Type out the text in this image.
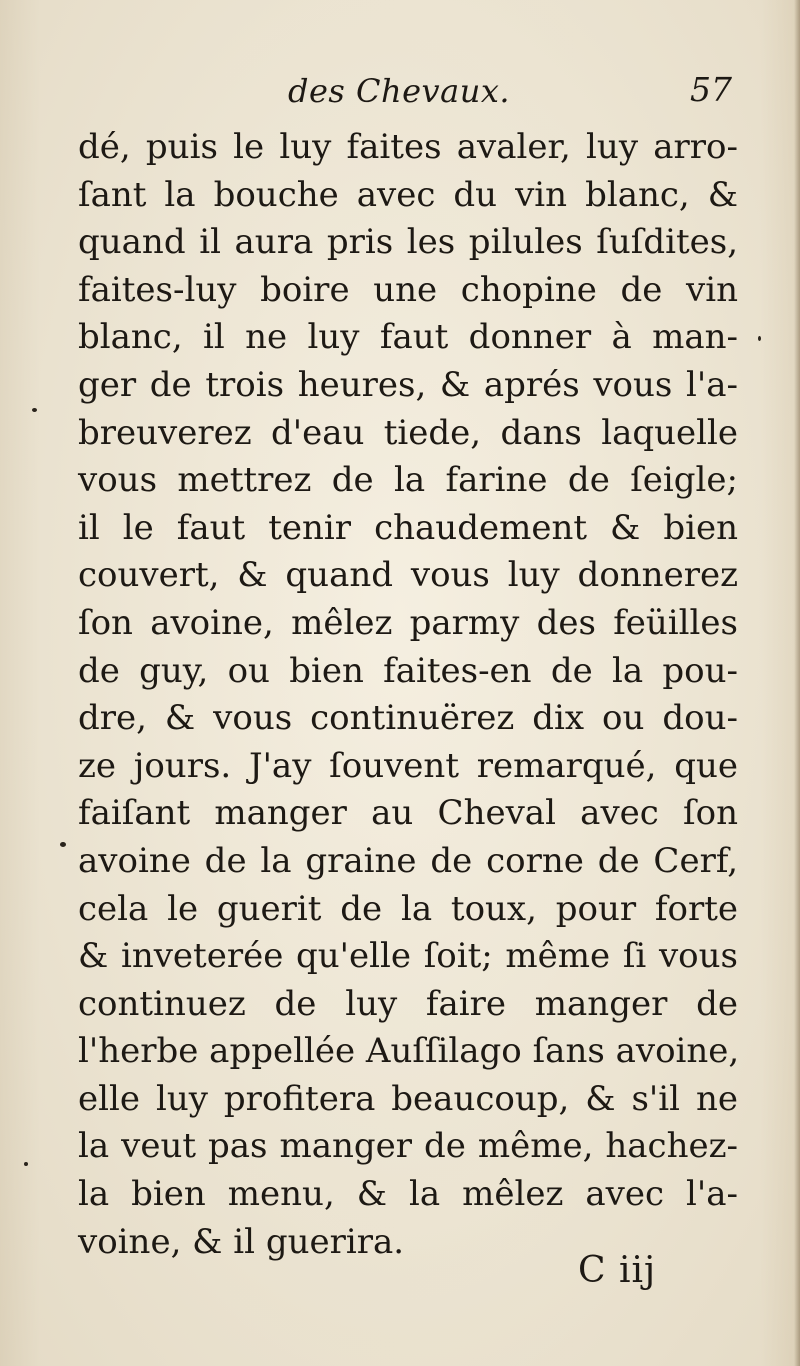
des Chevaux.	57
dé, puis le luy faites avaler, luy arro-
ſant la bouche avec du vin blanc, &
quand il aura pris les pilules ſuſdites,
faites-luy boire une chopine de vin
blanc, il ne luy faut donner à man-
ger de trois heures, & aprés vous l'a-
breuverez d'eau tiede, dans laquelle
vous mettrez de la farine de ſeigle;
il le faut tenir chaudement & bien
couvert, & quand vous luy donnerez
ſon avoine, mêlez parmy des feüilles
de guy, ou bien faites-en de la pou-
dre, & vous continuërez dix ou dou-
ze jours. J'ay ſouvent remarqué, que
faiſant manger au Cheval avec ſon
avoine de la graine de corne de Cerf,
cela le guerit de la toux, pour forte
& inveterée qu'elle ſoit; même ſi vous
continuez de luy faire manger de
l'herbe appellée Auſſilago ſans avoine,
elle luy profitera beaucoup, & s'il ne
la veut pas manger de même, hachez-
la bien menu, & la mêlez avec l'a-
voine, & il guerira.
C iij
